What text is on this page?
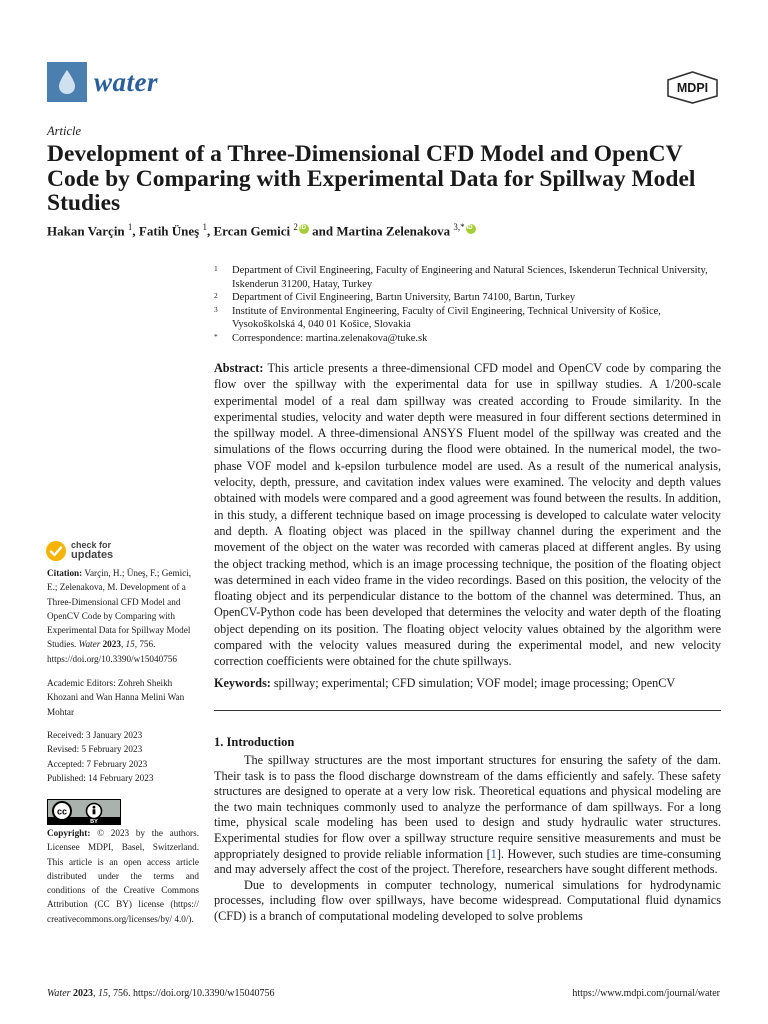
water	MDPI
Article
Development of a Three-Dimensional CFD Model and OpenCV Code by Comparing with Experimental Data for Spillway Model Studies
Hakan Varçin $^1$, Fatih Üneş $^1$, Ercan Gemici $^2$iD and Martina Zelenakova $^{3,*}$iD
1	Department of Civil Engineering, Faculty of Engineering and Natural Sciences, Iskenderun Technical University, Iskenderun 31200, Hatay, Turkey
2	Department of Civil Engineering, Bartın University, Bartın 74100, Bartın, Turkey
3	Institute of Environmental Engineering, Faculty of Civil Engineering, Technical University of Košice, Vysokoškolská 4, 040 01 Košice, Slovakia
*	Correspondence: martina.zelenakova@tuke.sk
Abstract: This article presents a three-dimensional CFD model and OpenCV code by comparing the flow over the spillway with the experimental data for use in spillway studies. A 1/200-scale experimental model of a real dam spillway was created according to Froude similarity. In the experimental studies, velocity and water depth were measured in four different sections determined in the spillway model. A three-dimensional ANSYS Fluent model of the spillway was created and the simulations of the flows occurring during the flood were obtained. In the numerical model, the two-phase VOF model and k-epsilon turbulence model are used. As a result of the numerical analysis, velocity, depth, pressure, and cavitation index values were examined. The velocity and depth values obtained with models were compared and a good agreement was found between the results. In addition, in this study, a different technique based on image processing is developed to calculate water velocity and depth. A floating object was placed in the spillway channel during the experiment and the movement of the object on the water was recorded with cameras placed at different angles. By using the object tracking method, which is an image processing technique, the position of the floating object was determined in each video frame in the video recordings. Based on this position, the velocity of the floating object and its perpendicular distance to the bottom of the channel was determined. Thus, an OpenCV-Python code has been developed that determines the velocity and water depth of the floating object depending on its position. The floating object velocity values obtained by the algorithm were compared with the velocity values measured during the experimental model, and new velocity correction coefficients were obtained for the chute spillways.
Keywords: spillway; experimental; CFD simulation; VOF model; image processing; OpenCV
1. Introduction

The spillway structures are the most important structures for ensuring the safety of the dam. Their task is to pass the flood discharge downstream of the dams efficiently and safely. These safety structures are designed to operate at a very low risk. Theoretical equations and physical modeling are the two main techniques commonly used to analyze the performance of dam spillways. For a long time, physical scale modeling has been used to design and study hydraulic water structures. Experimental studies for flow over a spillway structure require sensitive measurements and must be appropriately designed to provide reliable information [1]. However, such studies are time-consuming and may adversely affect the cost of the project. Therefore, researchers have sought different methods.

Due to developments in computer technology, numerical simulations for hydrodynamic processes, including flow over spillways, have become widespread. Computational fluid dynamics (CFD) is a branch of computational modeling developed to solve problems

check for
updates
Citation: Varçin, H.; Üneş, F.; Gemici, E.; Zelenakova, M. Development of a Three-Dimensional CFD Model and OpenCV Code by Comparing with Experimental Data for Spillway Model Studies. Water 2023, 15, 756. https://doi.org/10.3390/w15040756
Academic Editors: Zohreh Sheikh Khozani and Wan Hanna Melini Wan Mohtar
Received: 3 January 2023
Revised: 5 February 2023
Accepted: 7 February 2023
Published: 14 February 2023
cc
BY
Copyright: © 2023 by the authors. Licensee MDPI, Basel, Switzerland. This article is an open access article distributed under the terms and conditions of the Creative Commons Attribution (CC BY) license (https:// creativecommons.org/licenses/by/ 4.0/).
Water 2023, 15, 756. https://doi.org/10.3390/w15040756	https://www.mdpi.com/journal/water
